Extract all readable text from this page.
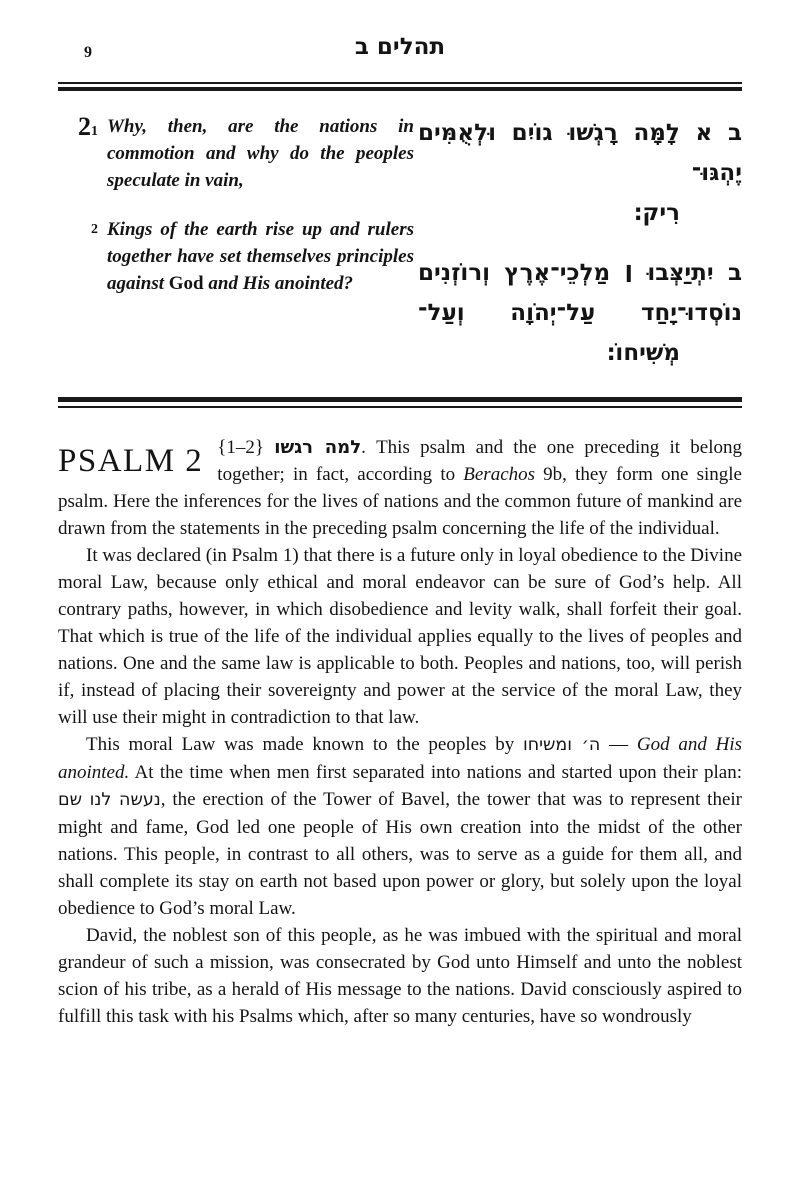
9	תהלים ב
21 Why, then, are the nations in commotion and why do the peoples speculate in vain,
2 Kings of the earth rise up and rulers together have set themselves principles against God and His anointed?
ב א לָמָּה רָגְשׁוּ גוֹיִם וּלְאֻמִּים יֶהְגּוּ־
רִיק׃
ב יִתְיַצְּבוּ ׀ מַלְכֵי־אֶרֶץ וְרוֹזְנִים
נוֹסְדוּ־יָחַד עַל־יְהֹוָה וְעַל־
מְשִׁיחוֹ׃
PSALM 2 {1–2} למה רגשו. This psalm and the one preceding it belong together; in fact, according to Berachos 9b, they form one single psalm. Here the inferences for the lives of nations and the common future of mankind are drawn from the statements in the preceding psalm concerning the life of the individual.

It was declared (in Psalm 1) that there is a future only in loyal obedience to the Divine moral Law, because only ethical and moral endeavor can be sure of God’s help. All contrary paths, however, in which disobedience and levity walk, shall forfeit their goal. That which is true of the life of the individual applies equally to the lives of peoples and nations. One and the same law is applicable to both. Peoples and nations, too, will perish if, instead of placing their sovereignty and power at the service of the moral Law, they will use their might in contradiction to that law.

This moral Law was made known to the peoples by ה׳ ומשיחו — God and His anointed. At the time when men first separated into nations and started upon their plan: נעשה לנו שם, the erection of the Tower of Bavel, the tower that was to represent their might and fame, God led one people of His own creation into the midst of the other nations. This people, in contrast to all others, was to serve as a guide for them all, and shall complete its stay on earth not based upon power or glory, but solely upon the loyal obedience to God’s moral Law.

David, the noblest son of this people, as he was imbued with the spiritual and moral grandeur of such a mission, was consecrated by God unto Himself and unto the noblest scion of his tribe, as a herald of His message to the nations. David consciously aspired to fulfill this task with his Psalms which, after so many centuries, have so wondrously
